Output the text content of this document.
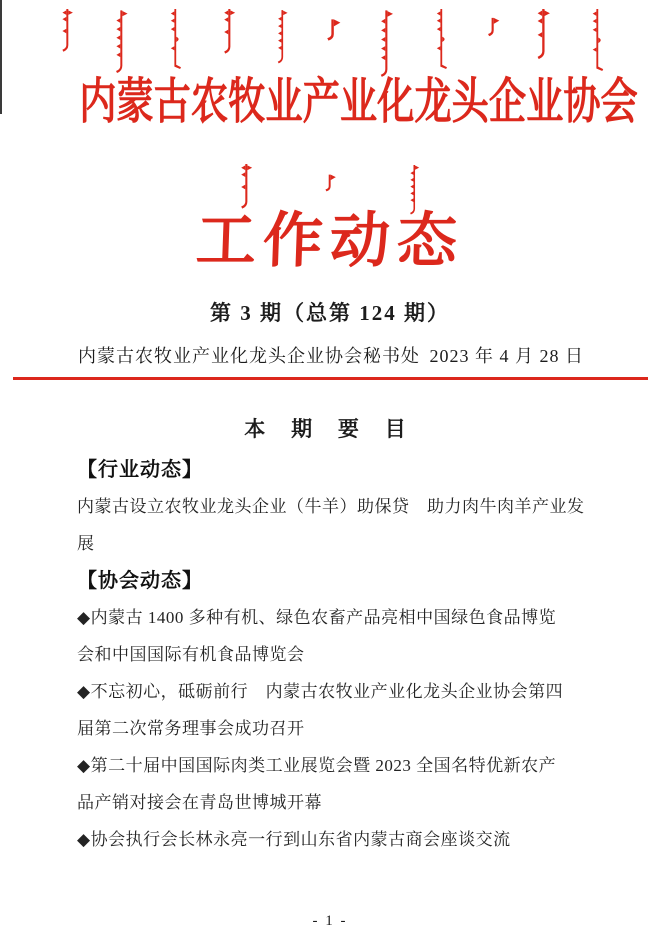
内蒙古农牧业产业化龙头企业协会
工作动态
第 3 期（总第 124 期）
内蒙古农牧业产业化龙头企业协会秘书处 2023 年 4 月 28 日
本 期 要 目
【行业动态】
内蒙古设立农牧业龙头企业（牛羊）助保贷　助力肉牛肉羊产业发
展
【协会动态】
◆内蒙古 1400 多种有机、绿色农畜产品亮相中国绿色食品博览
会和中国国际有机食品博览会
◆不忘初心，砥砺前行　内蒙古农牧业产业化龙头企业协会第四
届第二次常务理事会成功召开
◆第二十届中国国际肉类工业展览会暨 2023 全国名特优新农产
品产销对接会在青岛世博城开幕
◆协会执行会长林永亮一行到山东省内蒙古商会座谈交流
- 1 -
